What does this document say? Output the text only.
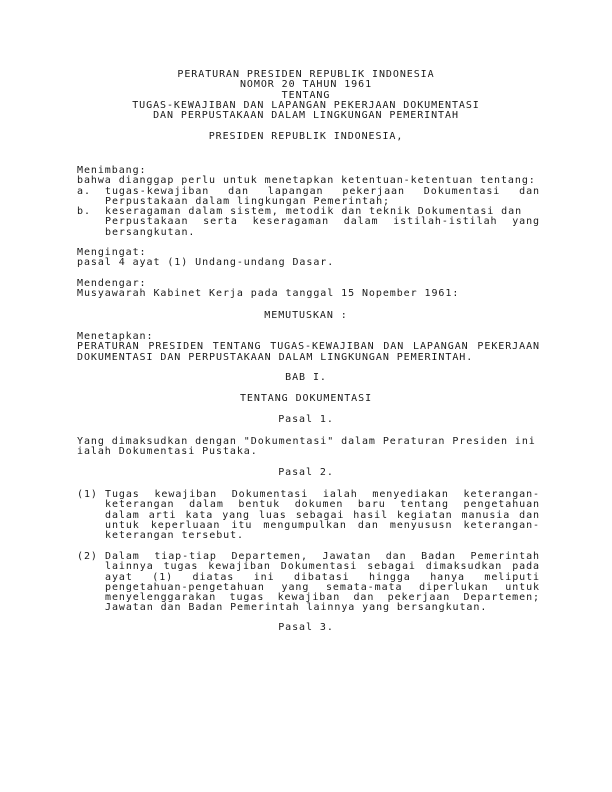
PERATURAN PRESIDEN REPUBLIK INDONESIA
NOMOR 20 TAHUN 1961
TENTANG
TUGAS-KEWAJIBAN DAN LAPANGAN PEKERJAAN DOKUMENTASI
DAN PERPUSTAKAAN DALAM LINGKUNGAN PEMERINTAH
PRESIDEN REPUBLIK INDONESIA,
Menimbang:
bahwa dianggap perlu untuk menetapkan ketentuan-ketentuan tentang:
a. tugas-kewajiban dan lapangan pekerjaan Dokumentasi dan
Perpustakaan dalam lingkungan Pemerintah;
b. keseragaman dalam sistem, metodik dan teknik Dokumentasi dan
Perpustakaan serta keseragaman dalam istilah-istilah yang
bersangkutan.
Mengingat:
pasal 4 ayat (1) Undang-undang Dasar.
Mendengar:
Musyawarah Kabinet Kerja pada tanggal 15 Nopember 1961:
MEMUTUSKAN :
Menetapkan:
PERATURAN PRESIDEN TENTANG TUGAS-KEWAJIBAN DAN LAPANGAN PEKERJAAN
DOKUMENTASI DAN PERPUSTAKAAN DALAM LINGKUNGAN PEMERINTAH.
BAB I.
TENTANG DOKUMENTASI
Pasal 1.
Yang dimaksudkan dengan "Dokumentasi" dalam Peraturan Presiden ini
ialah Dokumentasi Pustaka.
Pasal 2.
(1) Tugas kewajiban Dokumentasi ialah menyediakan keterangan-
keterangan dalam bentuk dokumen baru tentang pengetahuan
dalam arti kata yang luas sebagai hasil kegiatan manusia dan
untuk keperluaan itu mengumpulkan dan menyususn keterangan-
keterangan tersebut.
(2) Dalam tiap-tiap Departemen, Jawatan dan Badan Pemerintah
lainnya tugas kewajiban Dokumentasi sebagai dimaksudkan pada
ayat (1) diatas ini dibatasi hingga hanya meliputi
pengetahuan-pengetahuan yang semata-mata diperlukan untuk
menyelenggarakan tugas kewajiban dan pekerjaan Departemen;
Jawatan dan Badan Pemerintah lainnya yang bersangkutan.
Pasal 3.
